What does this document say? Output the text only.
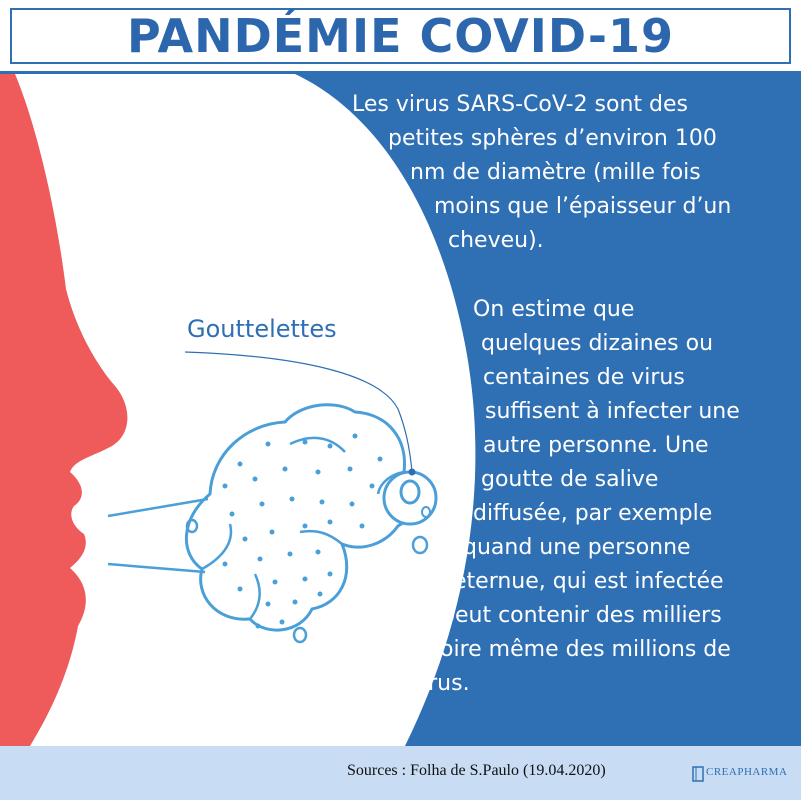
PANDÉMIE COVID-19
Gouttelettes
Les virus SARS-CoV-2 sont des
petites sphères d’environ 100
nm de diamètre (mille fois
moins que l’épaisseur d’un
cheveu).
On estime que
quelques dizaines ou
centaines de virus
suffisent à infecter une
autre personne. Une
goutte de salive
diffusée, par exemple
quand une personne
éternue, qui est infectée
peut contenir des milliers
voire même des millions de
virus.
Sources : Folha de S.Paulo (19.04.2020)	CREAPHARMA
